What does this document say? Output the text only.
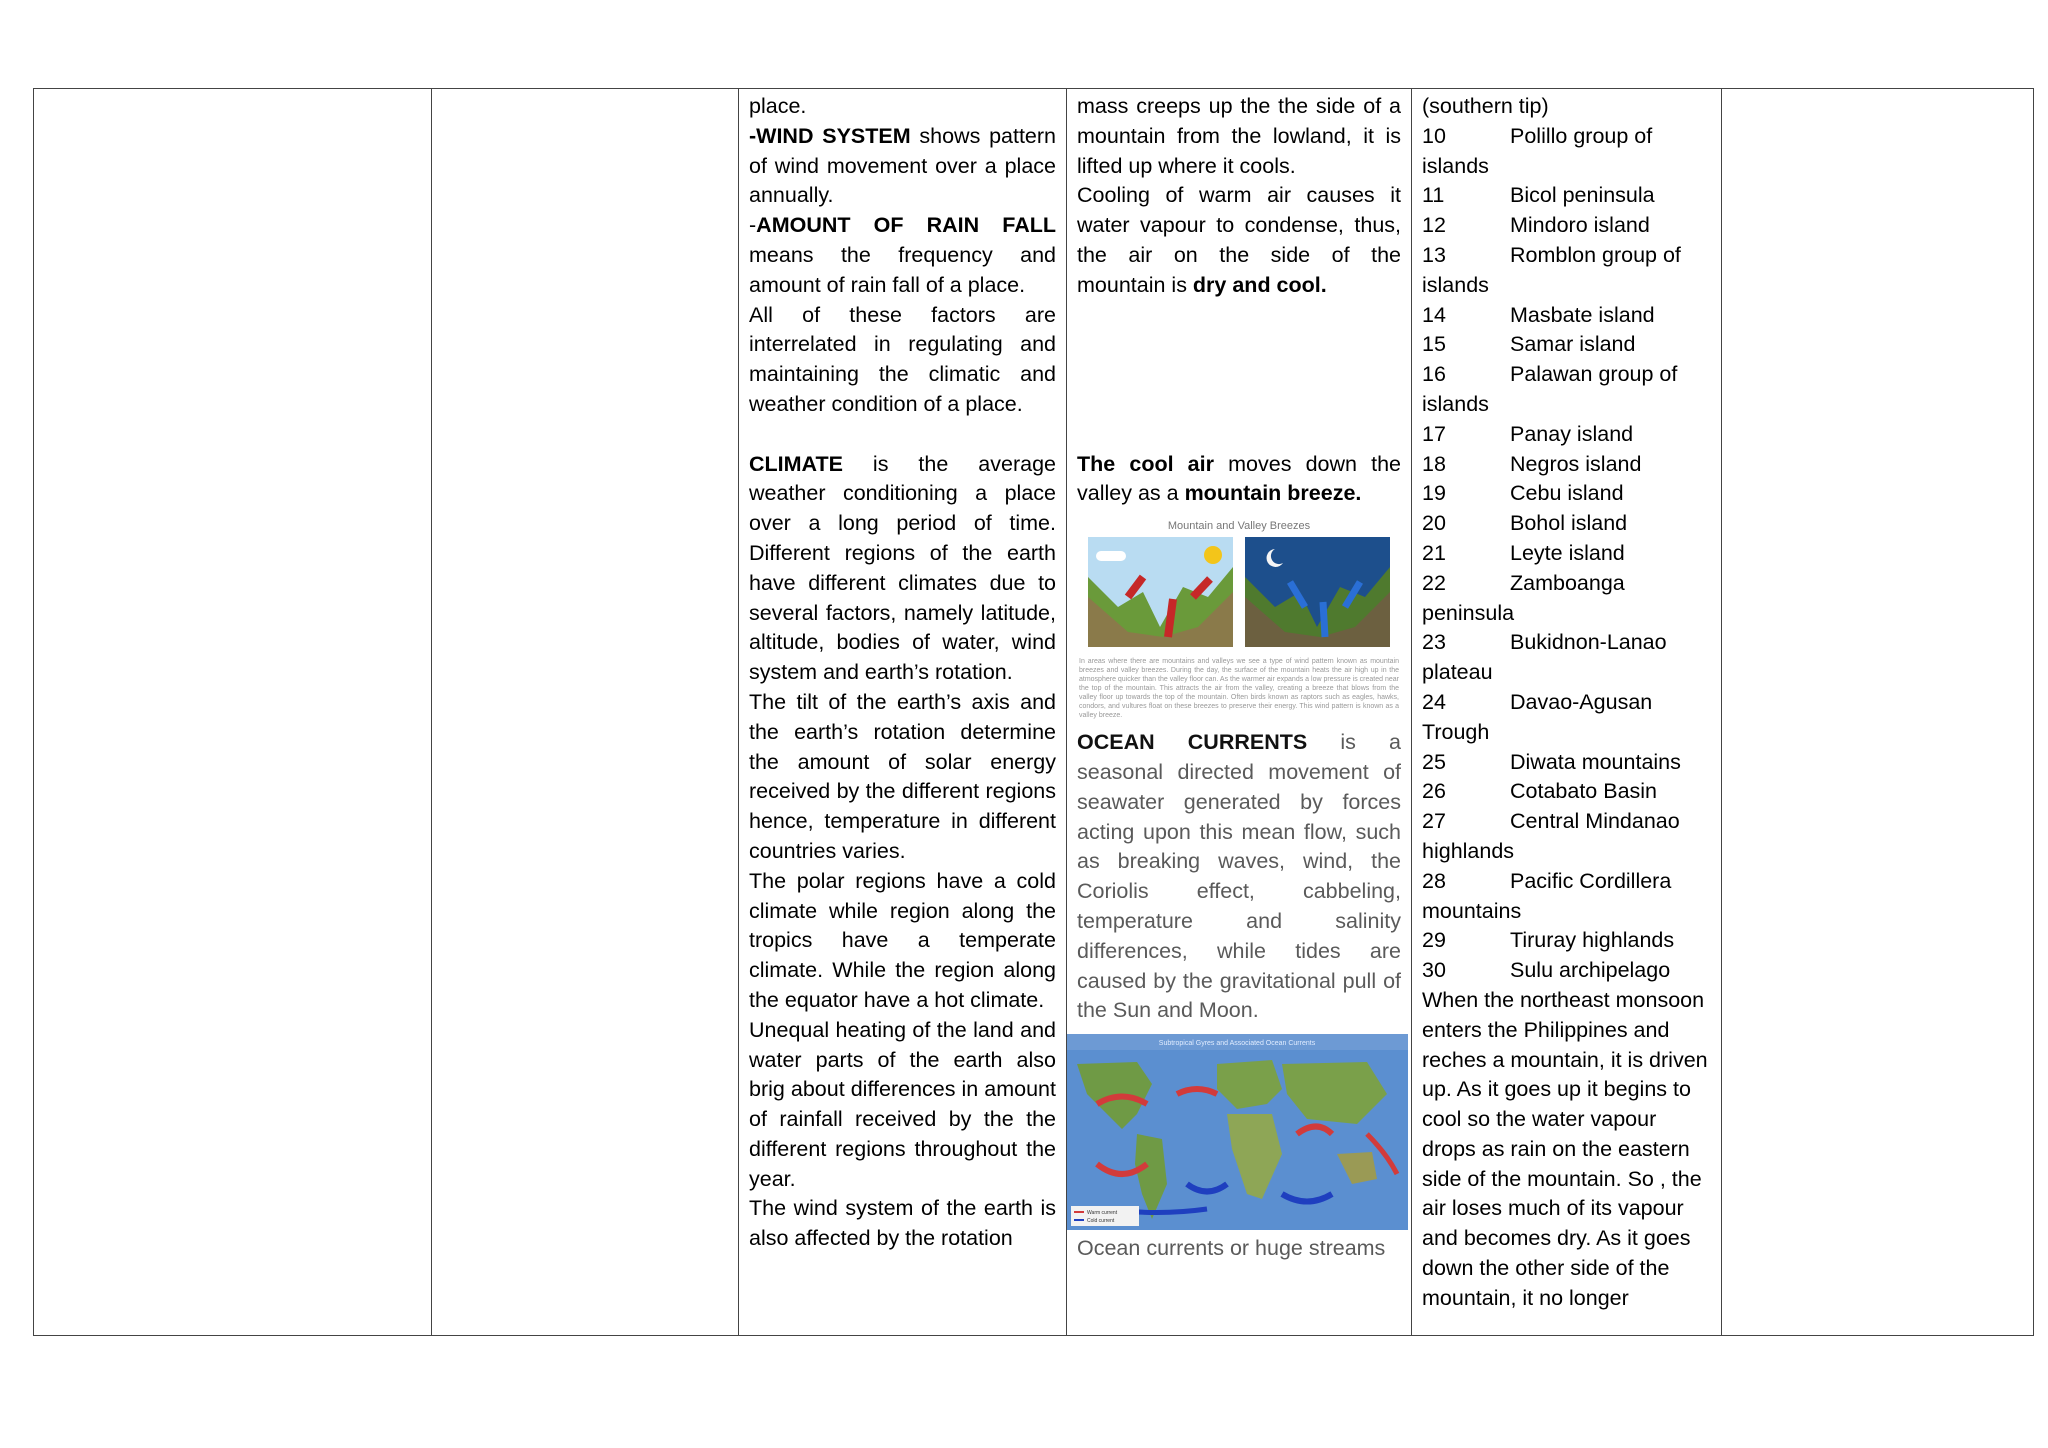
place.

-WIND SYSTEM shows pattern of wind movement over a place annually.

-AMOUNT OF RAIN FALL means the frequency and amount of rain fall of a place.

All of these factors are interrelated in regulating and maintaining the climatic and weather condition of a place.

CLIMATE is the average weather conditioning a place over a long period of time. Different regions of the earth have different climates due to several factors, namely latitude, altitude, bodies of water, wind system and earth’s rotation.

The tilt of the earth’s axis and the earth’s rotation determine the amount of solar energy received by the different regions hence, temperature in different countries varies.

The polar regions have a cold climate while region along the tropics have a temperate climate. While the region along the equator have a hot climate.

Unequal heating of the land and water parts of the earth also brig about differences in amount of rainfall received by the the different regions throughout the year.

The wind system of the earth is also affected by the rotation

mass creeps up the the side of a mountain from the lowland, it is lifted up where it cools.

Cooling of warm air causes it water vapour to condense, thus, the air on the side of the mountain is dry and cool.

The cool air moves down the valley as a mountain breeze.

Mountain and Valley Breezes
In areas where there are mountains and valleys we see a type of wind pattern known as mountain breezes and valley breezes. During the day, the surface of the mountain heats the air high up in the atmosphere quicker than the valley floor can. As the warmer air expands a low pressure is created near the top of the mountain. This attracts the air from the valley, creating a breeze that blows from the valley floor up towards the top of the mountain. Often birds known as raptors such as eagles, hawks, condors, and vultures float on these breezes to preserve their energy. This wind pattern is known as a valley breeze.

OCEAN CURRENTS is a seasonal directed movement of seawater generated by forces acting upon this mean flow, such as breaking waves, wind, the Coriolis effect, cabbeling, temperature and salinity differences, while tides are caused by the gravitational pull of the Sun and Moon.

Subtropical Gyres and Associated Ocean Currents
Warm current
Cold current

Ocean currents or huge streams

(southern tip)

10	Polillo group of
islands
11	Bicol peninsula
12	Mindoro island
13	Romblon group of
islands
14	Masbate island
15	Samar island
16	Palawan group of
islands
17	Panay island
18	Negros island
19	Cebu island
20	Bohol island
21	Leyte island
22	Zamboanga
peninsula
23	Bukidnon-Lanao
plateau
24	Davao-Agusan
Trough
25	Diwata mountains
26	Cotabato Basin
27	Central Mindanao
highlands
28	Pacific Cordillera
mountains
29	Tiruray highlands
30	Sulu archipelago

When the northeast monsoon enters the Philippines and reches a mountain, it is driven up. As it goes up it begins to cool so the water vapour drops as rain on the eastern side of the mountain. So , the air loses much of its vapour and becomes dry. As it goes down the other side of the mountain, it no longer
